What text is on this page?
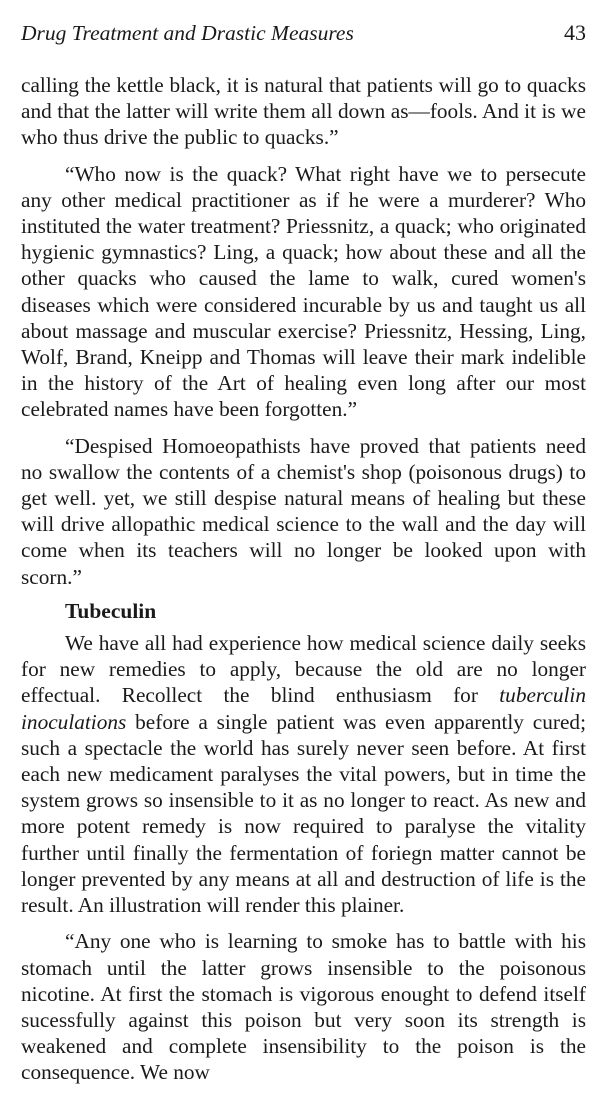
Drug Treatment and Drastic Measures	43

calling the kettle black, it is natural that patients will go to quacks and that the latter will write them all down as—fools. And it is we who thus drive the public to quacks.”

“Who now is the quack? What right have we to persecute any other medical practitioner as if he were a murderer? Who instituted the water treatment? Priessnitz, a quack; who originated hygienic gymnastics? Ling, a quack; how about these and all the other quacks who caused the lame to walk, cured women's diseases which were considered incurable by us and taught us all about massage and muscular exercise? Priessnitz, Hessing, Ling, Wolf, Brand, Kneipp and Thomas will leave their mark indelible in the history of the Art of healing even long after our most celebrated names have been forgotten.”

“Despised Homoeopathists have proved that patients need no swallow the contents of a chemist's shop (poisonous drugs) to get well. yet, we still despise natural means of healing but these will drive allopathic medical science to the wall and the day will come when its teachers will no longer be looked upon with scorn.”

Tubeculin

We have all had experience how medical science daily seeks for new remedies to apply, because the old are no longer effectual. Recollect the blind enthusiasm for tuberculin inoculations before a single patient was even apparently cured; such a spectacle the world has surely never seen before. At first each new medicament paralyses the vital powers, but in time the system grows so insensible to it as no longer to react. As new and more potent remedy is now required to paralyse the vitality further until finally the fermentation of foriegn matter cannot be longer prevented by any means at all and destruction of life is the result. An illustration will render this plainer.

“Any one who is learning to smoke has to battle with his stomach until the latter grows insensible to the poisonous nicotine. At first the stomach is vigorous enought to defend itself sucessfully against this poison but very soon its strength is weakened and complete insensibility to the poison is the consequence. We now
